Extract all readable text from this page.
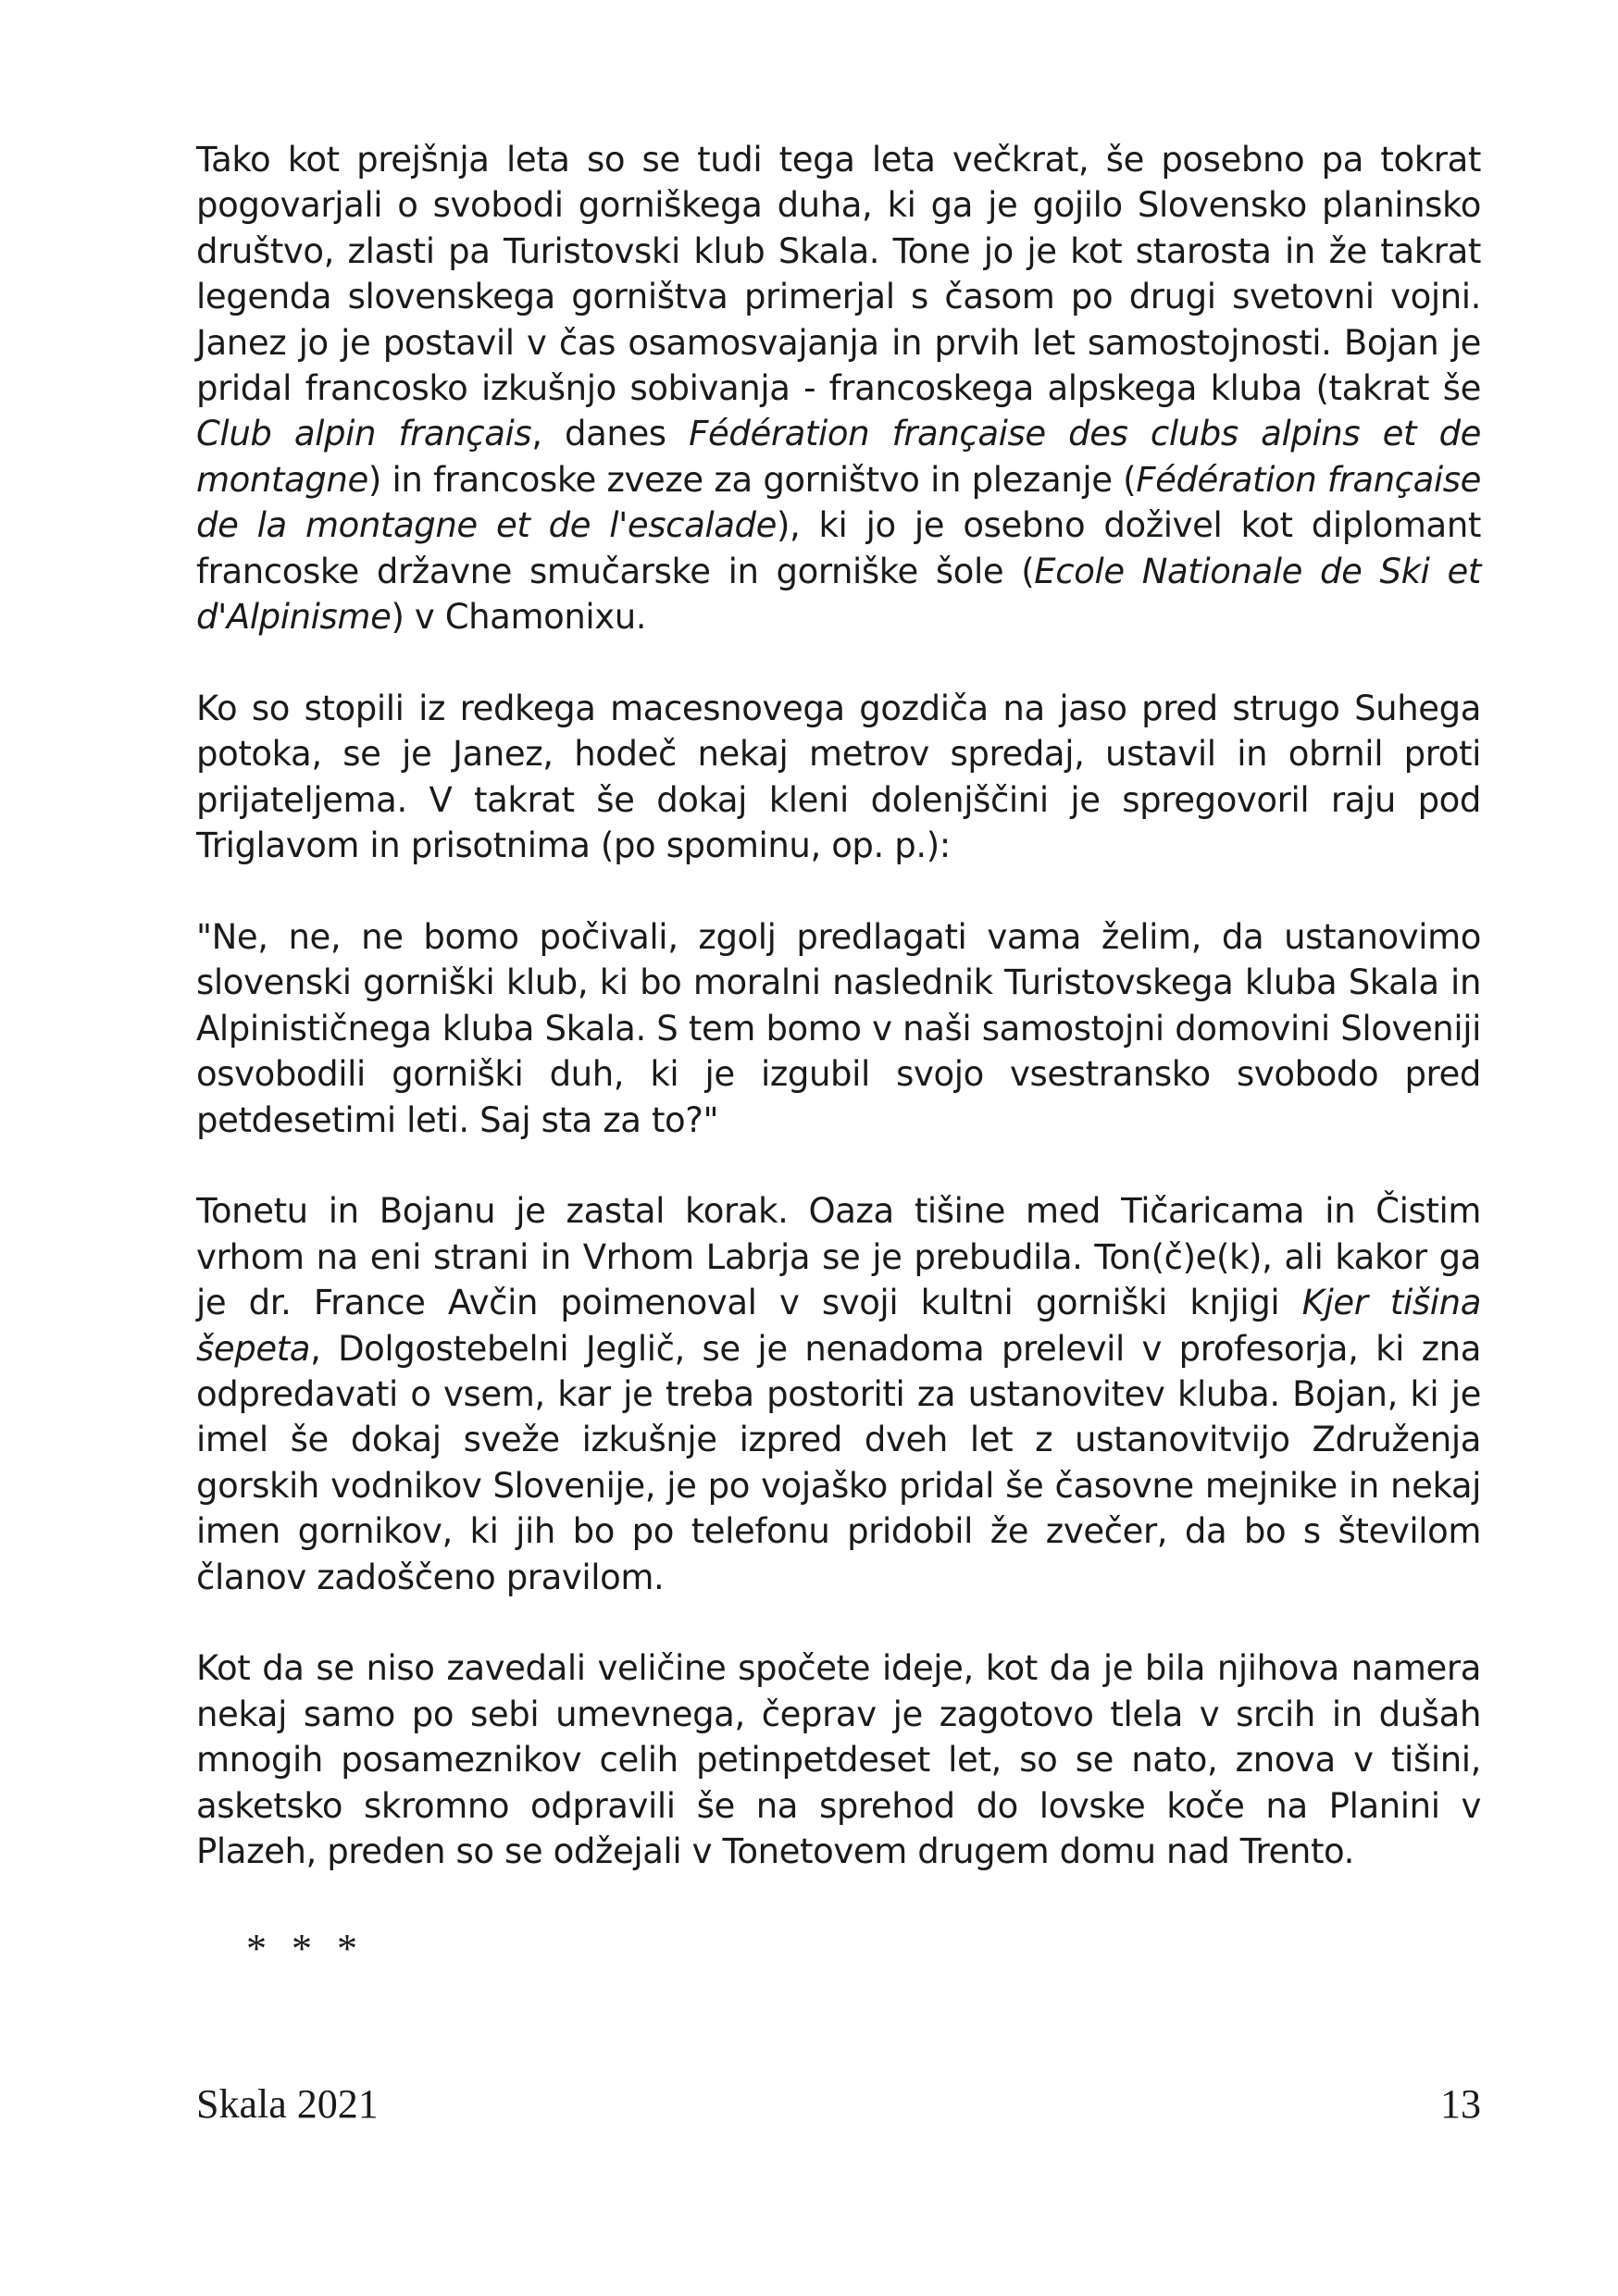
Tako kot prejšnja leta so se tudi tega leta večkrat, še posebno pa tokrat pogovarjali o svobodi gorniškega duha, ki ga je gojilo Slovensko planinsko društvo, zlasti pa Turistovski klub Skala. Tone jo je kot starosta in že takrat legenda slovenskega gorništva primerjal s časom po drugi svetovni vojni. Janez jo je postavil v čas osamosvajanja in prvih let samostojnosti. Bojan je pridal francosko izkušnjo sobivanja - francoskega alpskega kluba (takrat še Club alpin français, danes Fédération française des clubs alpins et de montagne) in francoske zveze za gorništvo in plezanje (Fédération française de la montagne et de l'escalade), ki jo je osebno doživel kot diplomant francoske državne smučarske in gorniške šole (Ecole Nationale de Ski et d'Alpinisme) v Chamonixu.

Ko so stopili iz redkega macesnovega gozdiča na jaso pred strugo Suhega potoka, se je Janez, hodeč nekaj metrov spredaj, ustavil in obrnil proti prijateljema. V takrat še dokaj kleni dolenjščini je spregovoril raju pod Triglavom in prisotnima (po spominu, op. p.):

"Ne, ne, ne bomo počivali, zgolj predlagati vama želim, da ustanovimo slovenski gorniški klub, ki bo moralni naslednik Turistovskega kluba Skala in Alpinističnega kluba Skala. S tem bomo v naši samostojni domovini Sloveniji osvobodili gorniški duh, ki je izgubil svojo vsestransko svobodo pred petdesetimi leti. Saj sta za to?"

Tonetu in Bojanu je zastal korak. Oaza tišine med Tičaricama in Čistim vrhom na eni strani in Vrhom Labrja se je prebudila. Ton(č)e(k), ali kakor ga je dr. France Avčin poimenoval v svoji kultni gorniški knjigi Kjer tišina šepeta, Dolgostebelni Jeglič, se je nenadoma prelevil v profesorja, ki zna odpredavati o vsem, kar je treba postoriti za ustanovitev kluba. Bojan, ki je imel še dokaj sveže izkušnje izpred dveh let z ustanovitvijo Združenja gorskih vodnikov Slovenije, je po vojaško pridal še časovne mejnike in nekaj imen gornikov, ki jih bo po telefonu pridobil že zvečer, da bo s številom članov zadoščeno pravilom.

Kot da se niso zavedali veličine spočete ideje, kot da je bila njihova namera nekaj samo po sebi umevnega, čeprav je zagotovo tlela v srcih in dušah mnogih posameznikov celih petinpetdeset let, so se nato, znova v tišini, asketsko skromno odpravili še na sprehod do lovske koče na Planini v Plazeh, preden so se odžejali v Tonetovem drugem domu nad Trento.

* * *

Skala 2021	13
